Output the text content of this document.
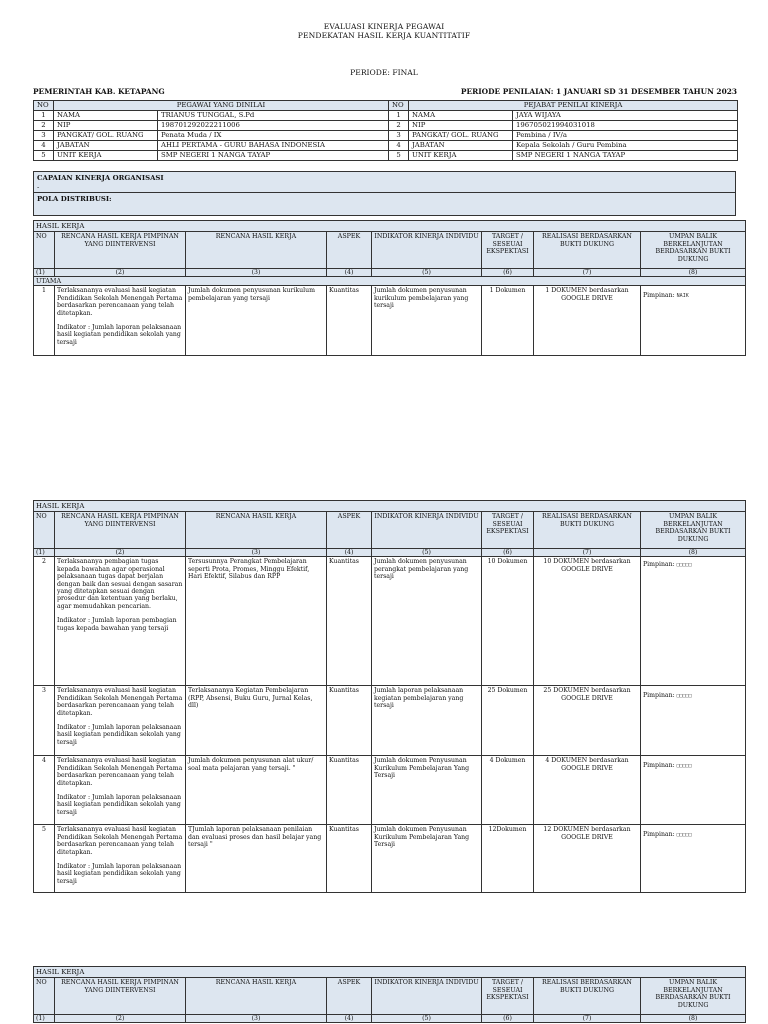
EVALUASI KINERJA PEGAWAI
PENDEKATAN HASIL KERJA KUANTITATIF
PERIODE: FINAL
PEMERINTAH KAB. KETAPANG	PERIODE PENILAIAN: 1 JANUARI SD 31 DESEMBER TAHUN 2023
NO	PEGAWAI YANG DINILAI		NO	PEJABAT PENILAI KINERJA	
1	NAMA	TRIANUS TUNGGAL, S.Pd	1	NAMA	JAYA WIJAYA
2	NIP	198701292022211006	2	NIP	196705021994031018
3	PANGKAT/ GOL. RUANG	Penata Muda / IX	3	PANGKAT/ GOL. RUANG	Pembina / IV/a
4	JABATAN	AHLI PERTAMA - GURU BAHASA INDONESIA	4	JABATAN	Kepala Sekolah / Guru Pembina
5	UNIT KERJA	SMP NEGERI 1 NANGA TAYAP	5	UNIT KERJA	SMP NEGERI 1 NANGA TAYAP
CAPAIAN KINERJA ORGANISASI
-
POLA DISTRIBUSI:
HASIL KERJA							
NO	RENCANA HASIL KERJA PIMPINAN YANG DIINTERVENSI	RENCANA HASIL KERJA	ASPEK	INDIKATOR KINERJA INDIVIDU	TARGET / SESEUAI EKSPEKTASI	REALISASI BERDASARKAN BUKTI DUKUNG	UMPAN BALIK BERKELANJUTAN BERDASARKAN BUKTI DUKUNG
(1)	(2)	(3)	(4)	(5)	(6)	(7)	(8)
UTAMA							
1	Terlaksananya evaluasi hasil kegiatan Pendidikan Sekolah Menengah Pertama berdasarkan perencanaan yang telah ditetapkan.
Indikator : Jumlah laporan pelaksanaan hasil kegiatan pendidikan sekolah yang tersaji	Jumlah dokumen penyusunan kurikulum pembelajaran yang tersaji	Kuantitas	Jumlah dokumen penyusunan kurikulum pembelajaran yang tersaji	1 Dokumen	1 DOKUMEN berdasarkan GOOGLE DRIVE	Pimpinan: NAIK
HASIL KERJA							
NO	RENCANA HASIL KERJA PIMPINAN YANG DIINTERVENSI	RENCANA HASIL KERJA	ASPEK	INDIKATOR KINERJA INDIVIDU	TARGET / SESEUAI EKSPEKTASI	REALISASI BERDASARKAN BUKTI DUKUNG	UMPAN BALIK BERKELANJUTAN BERDASARKAN BUKTI DUKUNG
(1)	(2)	(3)	(4)	(5)	(6)	(7)	(8)
2	Terlaksananya pembagian tugas kepada bawahan agar operasional pelaksanaan tugas dapat berjalan dengan baik dan sesuai dengan sasaran yang ditetapkan sesuai dengan prosedur dan ketentuan yang berlaku, agar memudahkan pencarian.
Indikator : Jumlah laporan pembagian tugas kepada bawahan yang tersaji	Tersusunnya Perangkat Pembelajaran seperti Prota, Promes, Minggu Efektif, Hari Efektif, Silabus dan RPP	Kuantitas	Jumlah dokumen penyusunan perangkat pembelajaran yang tersaji	10 Dokumen	10 DOKUMEN berdasarkan GOOGLE DRIVE	Pimpinan: □□□□□
3	Terlaksananya evaluasi hasil kegiatan Pendidikan Sekolah Menengah Pertama berdasarkan perencanaan yang telah ditetapkan.
Indikator : Jumlah laporan pelaksanaan hasil kegiatan pendidikan sekolah yang tersaji	Terlaksananya Kegiatan Pembelajaran (RPP, Absensi, Buku Guru, Jurnal Kelas, dll)	Kuantitas	Jumlah laporan pelaksanaan kegiatan pembelajaran yang tersaji	25 Dokumen	25 DOKUMEN berdasarkan GOOGLE DRIVE	Pimpinan: □□□□□
4	Terlaksananya evaluasi hasil kegiatan Pendidikan Sekolah Menengah Pertama berdasarkan perencanaan yang telah ditetapkan.
Indikator : Jumlah laporan pelaksanaan hasil kegiatan pendidikan sekolah yang tersaji	Jumlah dokumen penyusunan alat ukur/ soal mata pelajaran yang tersaji. "	Kuantitas	Jumlah dokumen Penyusunan Kurikulum Pembelajaran Yang Tersaji	4 Dokumen	4 DOKUMEN berdasarkan GOOGLE DRIVE	Pimpinan: □□□□□
5	Terlaksananya evaluasi hasil kegiatan Pendidikan Sekolah Menengah Pertama berdasarkan perencanaan yang telah ditetapkan.
Indikator : Jumlah laporan pelaksanaan hasil kegiatan pendidikan sekolah yang tersaji	TJumlah laporan pelaksanaan penilaian dan evaluasi proses dan hasil belajar yang tersaji "	Kuantitas	Jumlah dokumen Penyusunan Kurikulum Pembelajaran Yang Tersaji	12Dokumen	12 DOKUMEN berdasarkan GOOGLE DRIVE	Pimpinan: □□□□□
HASIL KERJA							
NO	RENCANA HASIL KERJA PIMPINAN YANG DIINTERVENSI	RENCANA HASIL KERJA	ASPEK	INDIKATOR KINERJA INDIVIDU	TARGET / SESEUAI EKSPEKTASI	REALISASI BERDASARKAN BUKTI DUKUNG	UMPAN BALIK BERKELANJUTAN BERDASARKAN BUKTI DUKUNG
(1)	(2)	(3)	(4)	(5)	(6)	(7)	(8)
